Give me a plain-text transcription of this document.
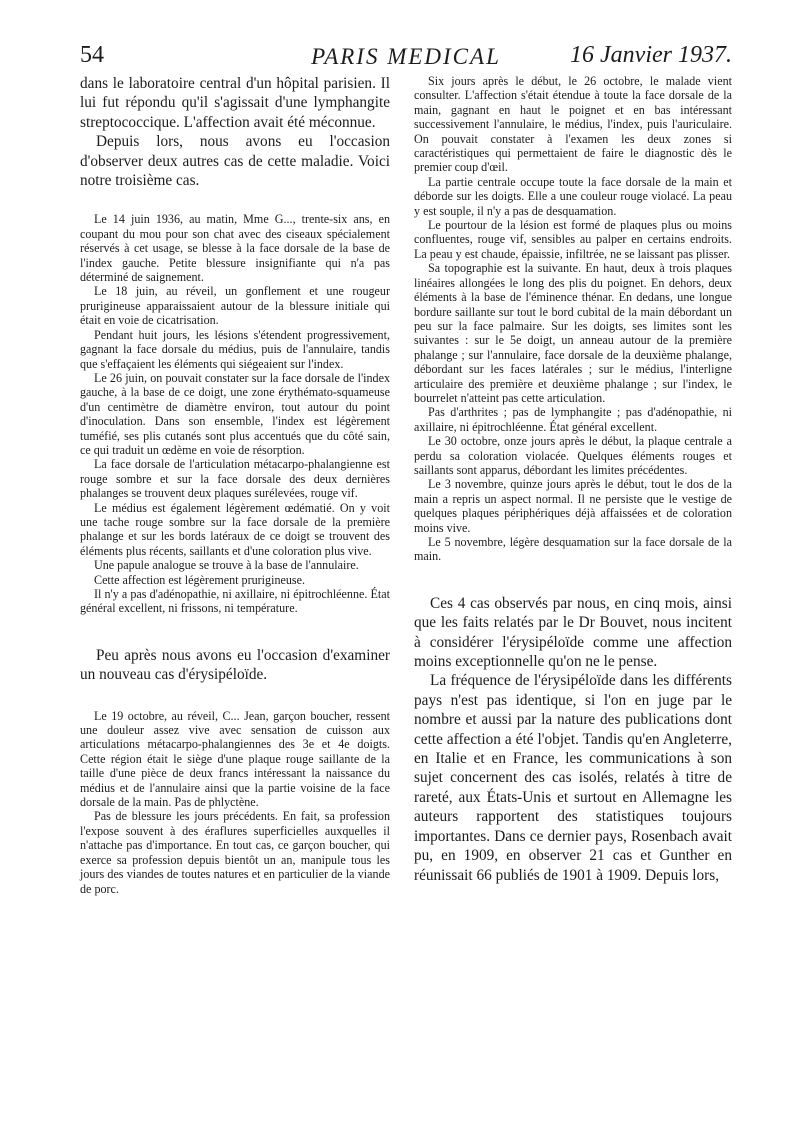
54	PARIS MEDICAL	16 Janvier 1937.

dans le laboratoire central d'un hôpital parisien. Il lui fut répondu qu'il s'agissait d'une lymphangite streptococcique. L'affection avait été méconnue.

Depuis lors, nous avons eu l'occasion d'observer deux autres cas de cette maladie. Voici notre troisième cas.

Le 14 juin 1936, au matin, Mme G..., trente-six ans, en coupant du mou pour son chat avec des ciseaux spécialement réservés à cet usage, se blesse à la face dorsale de la base de l'index gauche. Petite blessure insignifiante qui n'a pas déterminé de saignement.

Le 18 juin, au réveil, un gonflement et une rougeur prurigineuse apparaissaient autour de la blessure initiale qui était en voie de cicatrisation.

Pendant huit jours, les lésions s'étendent progressivement, gagnant la face dorsale du médius, puis de l'annulaire, tandis que s'effaçaient les éléments qui siégeaient sur l'index.

Le 26 juin, on pouvait constater sur la face dorsale de l'index gauche, à la base de ce doigt, une zone érythémato-squameuse d'un centimètre de diamètre environ, tout autour du point d'inoculation. Dans son ensemble, l'index est légèrement tuméfié, ses plis cutanés sont plus accentués que du côté sain, ce qui traduit un œdème en voie de résorption.

La face dorsale de l'articulation métacarpo-phalangienne est rouge sombre et sur la face dorsale des deux dernières phalanges se trouvent deux plaques surélevées, rouge vif.

Le médius est également légèrement œdématié. On y voit une tache rouge sombre sur la face dorsale de la première phalange et sur les bords latéraux de ce doigt se trouvent des éléments plus récents, saillants et d'une coloration plus vive.

Une papule analogue se trouve à la base de l'annulaire.

Cette affection est légèrement prurigineuse.

Il n'y a pas d'adénopathie, ni axillaire, ni épitrochléenne. État général excellent, ni frissons, ni température.

Peu après nous avons eu l'occasion d'examiner un nouveau cas d'érysipéloïde.

Le 19 octobre, au réveil, C... Jean, garçon boucher, ressent une douleur assez vive avec sensation de cuisson aux articulations métacarpo-phalangiennes des 3e et 4e doigts. Cette région était le siège d'une plaque rouge saillante de la taille d'une pièce de deux francs intéressant la naissance du médius et de l'annulaire ainsi que la partie voisine de la face dorsale de la main. Pas de phlyctène.

Pas de blessure les jours précédents. En fait, sa profession l'expose souvent à des éraflures superficielles auxquelles il n'attache pas d'importance. En tout cas, ce garçon boucher, qui exerce sa profession depuis bientôt un an, manipule tous les jours des viandes de toutes natures et en particulier de la viande de porc.

Six jours après le début, le 26 octobre, le malade vient consulter. L'affection s'était étendue à toute la face dorsale de la main, gagnant en haut le poignet et en bas intéressant successivement l'annulaire, le médius, l'index, puis l'auriculaire. On pouvait constater à l'examen les deux zones si caractéristiques qui permettaient de faire le diagnostic dès le premier coup d'œil.

La partie centrale occupe toute la face dorsale de la main et déborde sur les doigts. Elle a une couleur rouge violacé. La peau y est souple, il n'y a pas de desquamation.

Le pourtour de la lésion est formé de plaques plus ou moins confluentes, rouge vif, sensibles au palper en certains endroits. La peau y est chaude, épaissie, infiltrée, ne se laissant pas plisser.

Sa topographie est la suivante. En haut, deux à trois plaques linéaires allongées le long des plis du poignet. En dehors, deux éléments à la base de l'éminence thénar. En dedans, une longue bordure saillante sur tout le bord cubital de la main débordant un peu sur la face palmaire. Sur les doigts, ses limites sont les suivantes : sur le 5e doigt, un anneau autour de la première phalange ; sur l'annulaire, face dorsale de la deuxième phalange, débordant sur les faces latérales ; sur le médius, l'interligne articulaire des première et deuxième phalange ; sur l'index, le bourrelet n'atteint pas cette articulation.

Pas d'arthrites ; pas de lymphangite ; pas d'adénopathie, ni axillaire, ni épitrochléenne. État général excellent.

Le 30 octobre, onze jours après le début, la plaque centrale a perdu sa coloration violacée. Quelques éléments rouges et saillants sont apparus, débordant les limites précédentes.

Le 3 novembre, quinze jours après le début, tout le dos de la main a repris un aspect normal. Il ne persiste que le vestige de quelques plaques périphériques déjà affaissées et de coloration moins vive.

Le 5 novembre, légère desquamation sur la face dorsale de la main.

Ces 4 cas observés par nous, en cinq mois, ainsi que les faits relatés par le Dr Bouvet, nous incitent à considérer l'érysipéloïde comme une affection moins exceptionnelle qu'on ne le pense.

La fréquence de l'érysipéloïde dans les différents pays n'est pas identique, si l'on en juge par le nombre et aussi par la nature des publications dont cette affection a été l'objet. Tandis qu'en Angleterre, en Italie et en France, les communications à son sujet concernent des cas isolés, relatés à titre de rareté, aux États-Unis et surtout en Allemagne les auteurs rapportent des statistiques toujours importantes. Dans ce dernier pays, Rosenbach avait pu, en 1909, en observer 21 cas et Gunther en réunissait 66 publiés de 1901 à 1909. Depuis lors,
